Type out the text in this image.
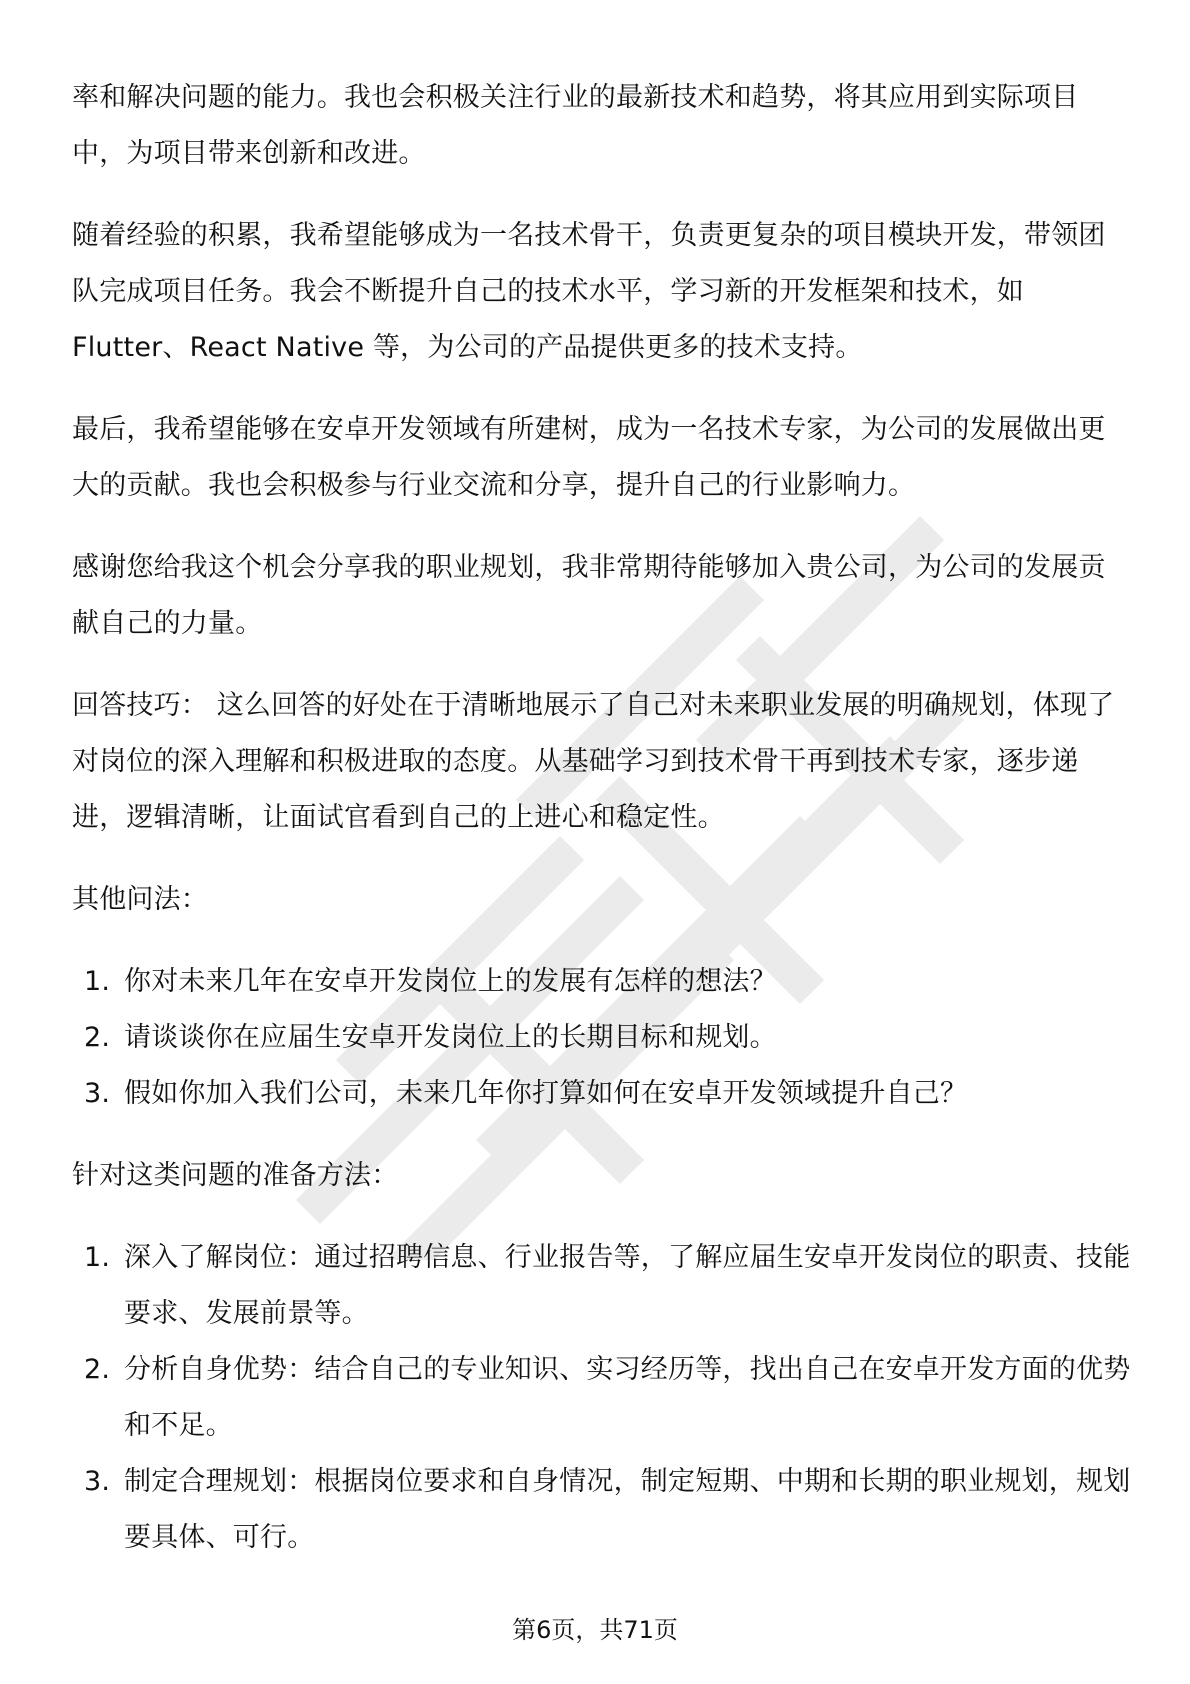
率和解决问题的能力。我也会积极关注行业的最新技术和趋势，将其应用到实际项目中，为项目带来创新和改进。

随着经验的积累，我希望能够成为一名技术骨干，负责更复杂的项目模块开发，带领团队完成项目任务。我会不断提升自己的技术水平，学习新的开发框架和技术，如 Flutter、React Native 等，为公司的产品提供更多的技术支持。

最后，我希望能够在安卓开发领域有所建树，成为一名技术专家，为公司的发展做出更大的贡献。我也会积极参与行业交流和分享，提升自己的行业影响力。

感谢您给我这个机会分享我的职业规划，我非常期待能够加入贵公司，为公司的发展贡献自己的力量。

回答技巧： 这么回答的好处在于清晰地展示了自己对未来职业发展的明确规划，体现了对岗位的深入理解和积极进取的态度。从基础学习到技术骨干再到技术专家，逐步递进，逻辑清晰，让面试官看到自己的上进心和稳定性。

其他问法：

1. 你对未来几年在安卓开发岗位上的发展有怎样的想法？
2. 请谈谈你在应届生安卓开发岗位上的长期目标和规划。
3. 假如你加入我们公司，未来几年你打算如何在安卓开发领域提升自己？

针对这类问题的准备方法：

1. 深入了解岗位：通过招聘信息、行业报告等，了解应届生安卓开发岗位的职责、技能要求、发展前景等。
2. 分析自身优势：结合自己的专业知识、实习经历等，找出自己在安卓开发方面的优势和不足。
3. 制定合理规划：根据岗位要求和自身情况，制定短期、中期和长期的职业规划，规划要具体、可行。
第6页，共71页
